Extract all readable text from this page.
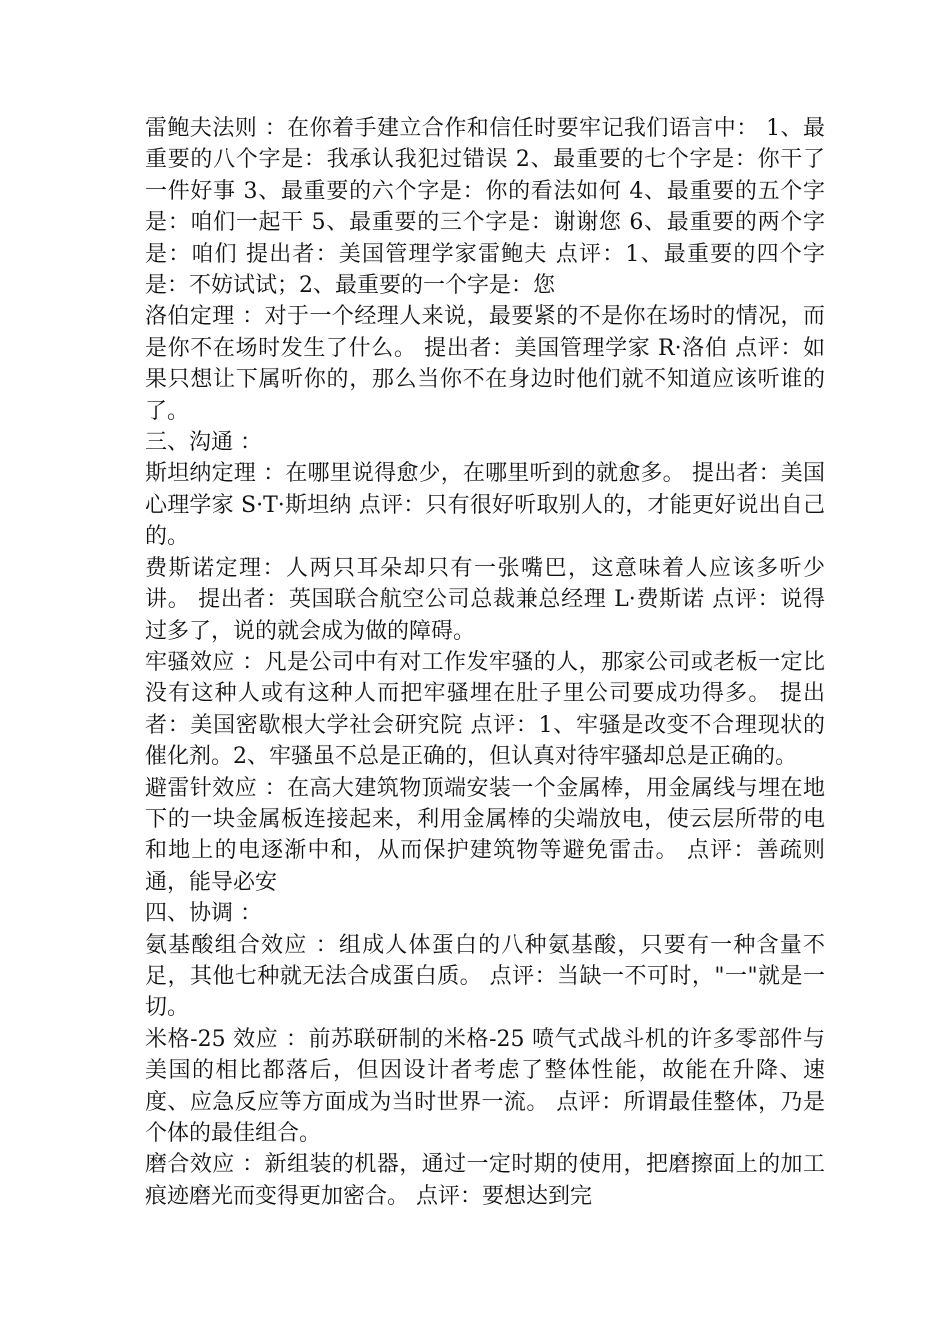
雷鲍夫法则 ：在你着手建立合作和信任时要牢记我们语言中： 1、最重要的八个字是：我承认我犯过错误 2、最重要的七个字是：你干了一件好事 3、最重要的六个字是：你的看法如何 4、最重要的五个字是：咱们一起干 5、最重要的三个字是：谢谢您 6、最重要的两个字是：咱们 提出者：美国管理学家雷鲍夫 点评：1、最重要的四个字是：不妨试试；2、最重要的一个字是：您

洛伯定理 ：对于一个经理人来说，最要紧的不是你在场时的情况，而是你不在场时发生了什么。 提出者：美国管理学家 R·洛伯 点评：如果只想让下属听你的，那么当你不在身边时他们就不知道应该听谁的了。

三、沟通 ：

斯坦纳定理 ：在哪里说得愈少，在哪里听到的就愈多。 提出者：美国心理学家 S·T·斯坦纳 点评：只有很好听取别人的，才能更好说出自己的。

费斯诺定理：人两只耳朵却只有一张嘴巴，这意味着人应该多听少讲。 提出者：英国联合航空公司总裁兼总经理 L·费斯诺 点评：说得过多了，说的就会成为做的障碍。

牢骚效应 ：凡是公司中有对工作发牢骚的人，那家公司或老板一定比没有这种人或有这种人而把牢骚埋在肚子里公司要成功得多。 提出者：美国密歇根大学社会研究院 点评：1、牢骚是改变不合理现状的催化剂。2、牢骚虽不总是正确的，但认真对待牢骚却总是正确的。

避雷针效应 ：在高大建筑物顶端安装一个金属棒，用金属线与埋在地下的一块金属板连接起来，利用金属棒的尖端放电，使云层所带的电和地上的电逐渐中和，从而保护建筑物等避免雷击。 点评：善疏则通，能导必安

四、协调 ：

氨基酸组合效应 ：组成人体蛋白的八种氨基酸，只要有一种含量不足，其他七种就无法合成蛋白质。 点评：当缺一不可时，"一"就是一切。

米格-25 效应 ：前苏联研制的米格-25 喷气式战斗机的许多零部件与美国的相比都落后，但因设计者考虑了整体性能，故能在升降、速度、应急反应等方面成为当时世界一流。 点评：所谓最佳整体，乃是个体的最佳组合。

磨合效应 ：新组装的机器，通过一定时期的使用，把磨擦面上的加工痕迹磨光而变得更加密合。 点评：要想达到完
